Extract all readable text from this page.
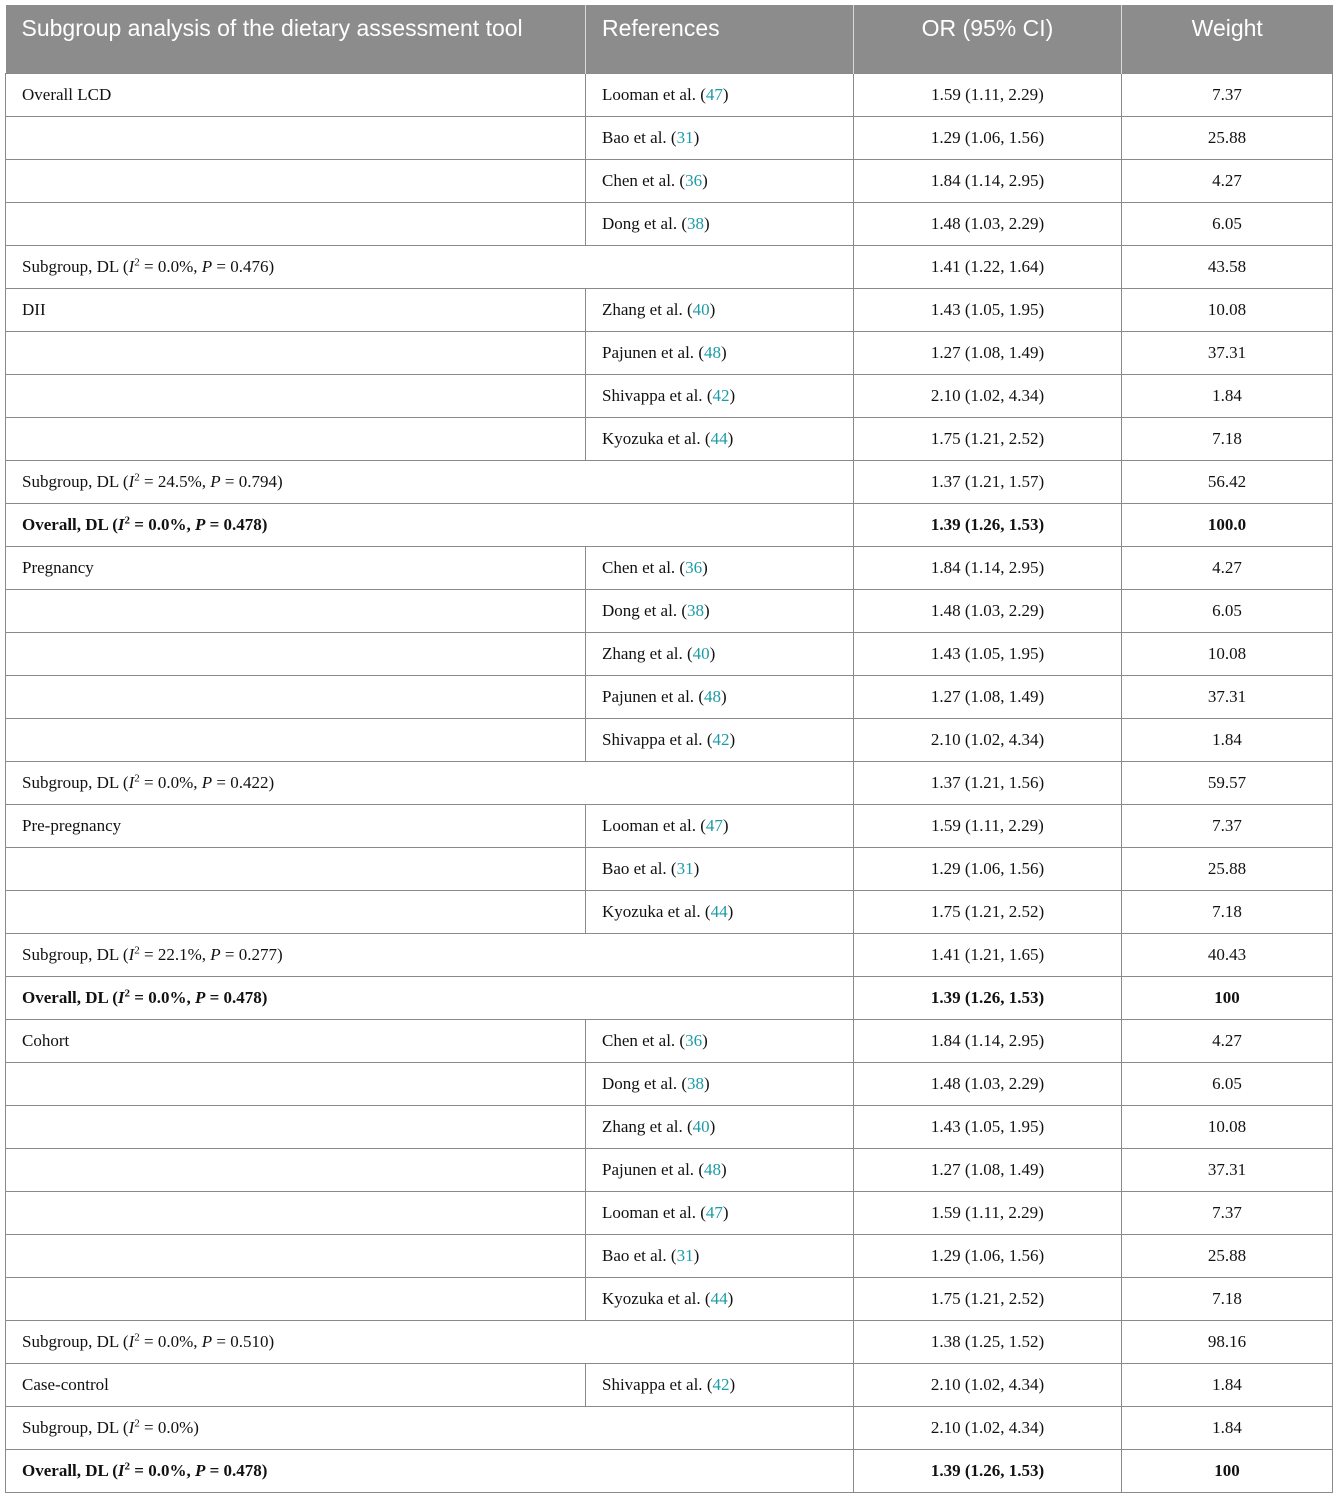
Subgroup analysis of the dietary assessment tool	References	OR (95% CI)	Weight
Overall LCD	Looman et al. (47)	1.59 (1.11, 2.29)	7.37
	Bao et al. (31)	1.29 (1.06, 1.56)	25.88
	Chen et al. (36)	1.84 (1.14, 2.95)	4.27
	Dong et al. (38)	1.48 (1.03, 2.29)	6.05
Subgroup, DL ($I^2 = 0.0\%$, P = 0.476)		1.41 (1.22, 1.64)	43.58
DII	Zhang et al. (40)	1.43 (1.05, 1.95)	10.08
	Pajunen et al. (48)	1.27 (1.08, 1.49)	37.31
	Shivappa et al. (42)	2.10 (1.02, 4.34)	1.84
	Kyozuka et al. (44)	1.75 (1.21, 2.52)	7.18
Subgroup, DL ($I^2 = 24.5\%$, P = 0.794)		1.37 (1.21, 1.57)	56.42
Overall, DL ($I^2 = 0.0\%$, P = 0.478)		1.39 (1.26, 1.53)	100.0
Pregnancy	Chen et al. (36)	1.84 (1.14, 2.95)	4.27
	Dong et al. (38)	1.48 (1.03, 2.29)	6.05
	Zhang et al. (40)	1.43 (1.05, 1.95)	10.08
	Pajunen et al. (48)	1.27 (1.08, 1.49)	37.31
	Shivappa et al. (42)	2.10 (1.02, 4.34)	1.84
Subgroup, DL ($I^2 = 0.0\%$, P = 0.422)		1.37 (1.21, 1.56)	59.57
Pre-pregnancy	Looman et al. (47)	1.59 (1.11, 2.29)	7.37
	Bao et al. (31)	1.29 (1.06, 1.56)	25.88
	Kyozuka et al. (44)	1.75 (1.21, 2.52)	7.18
Subgroup, DL ($I^2 = 22.1\%$, P = 0.277)		1.41 (1.21, 1.65)	40.43
Overall, DL ($I^2 = 0.0\%$, P = 0.478)		1.39 (1.26, 1.53)	100
Cohort	Chen et al. (36)	1.84 (1.14, 2.95)	4.27
	Dong et al. (38)	1.48 (1.03, 2.29)	6.05
	Zhang et al. (40)	1.43 (1.05, 1.95)	10.08
	Pajunen et al. (48)	1.27 (1.08, 1.49)	37.31
	Looman et al. (47)	1.59 (1.11, 2.29)	7.37
	Bao et al. (31)	1.29 (1.06, 1.56)	25.88
	Kyozuka et al. (44)	1.75 (1.21, 2.52)	7.18
Subgroup, DL ($I^2 = 0.0\%$, P = 0.510)		1.38 (1.25, 1.52)	98.16
Case-control	Shivappa et al. (42)	2.10 (1.02, 4.34)	1.84
Subgroup, DL $(I^2 = 0.0\%)$		2.10 (1.02, 4.34)	1.84
Overall, DL ($I^2 = 0.0\%$, P = 0.478)		1.39 (1.26, 1.53)	100
